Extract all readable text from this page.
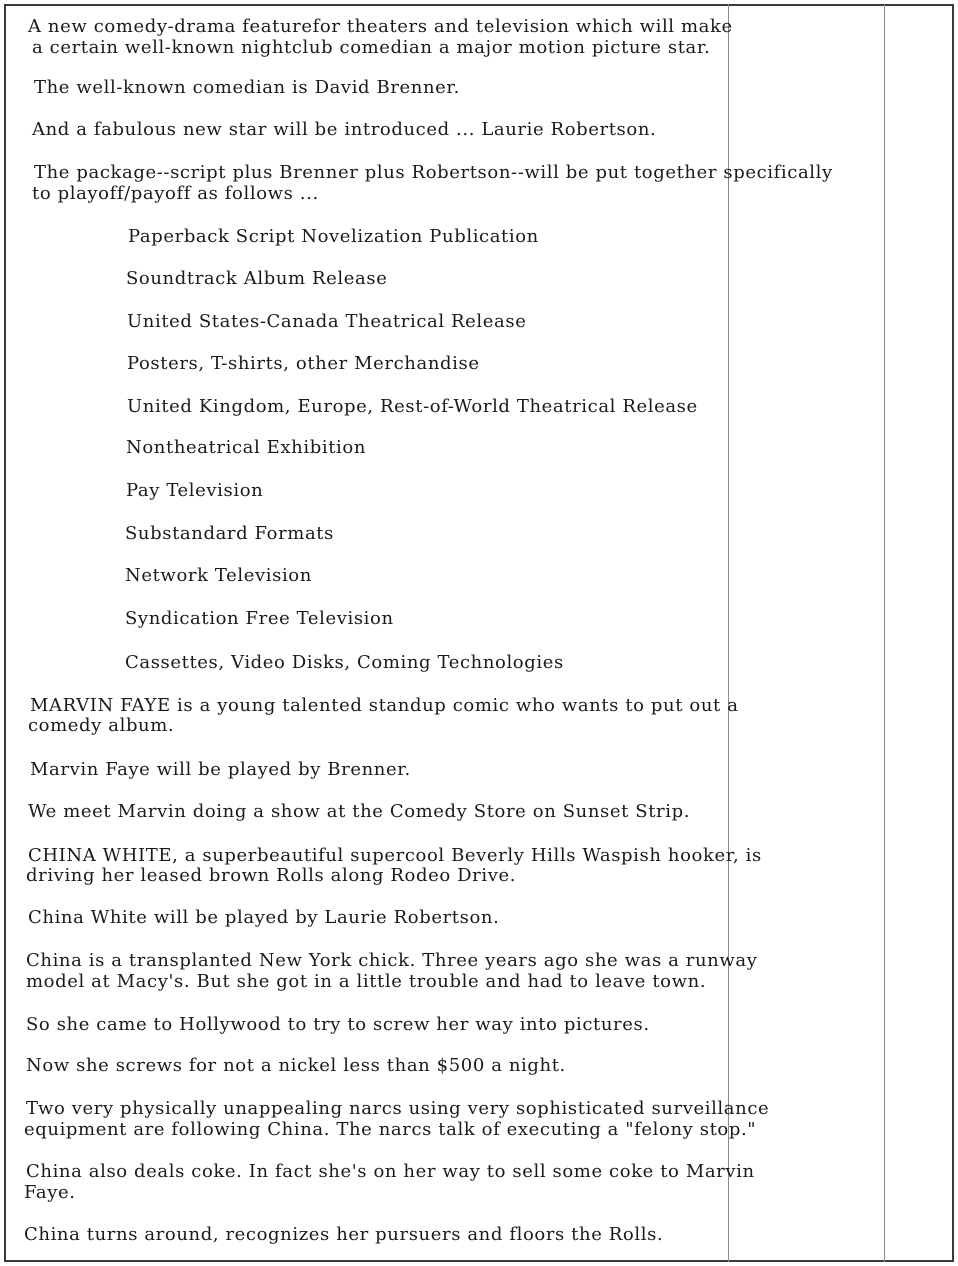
A new comedy-drama featurefor theaters and television which will make

a certain well-known nightclub comedian a major motion picture star.

The well-known comedian is David Brenner.

And a fabulous new star will be introduced ... Laurie Robertson.

The package--script plus Brenner plus Robertson--will be put together specifically

to playoff/payoff as follows ...

Paperback Script Novelization Publication

Soundtrack Album Release

United States-Canada Theatrical Release

Posters, T-shirts, other Merchandise

United Kingdom, Europe, Rest-of-World Theatrical Release

Nontheatrical Exhibition

Pay Television

Substandard Formats

Network Television

Syndication Free Television

Cassettes, Video Disks, Coming Technologies

MARVIN FAYE is a young talented standup comic who wants to put out a

comedy album.

Marvin Faye will be played by Brenner.

We meet Marvin doing a show at the Comedy Store on Sunset Strip.

CHINA WHITE, a superbeautiful supercool Beverly Hills Waspish hooker, is

driving her leased brown Rolls along Rodeo Drive.

China White will be played by Laurie Robertson.

China is a transplanted New York chick. Three years ago she was a runway

model at Macy's. But she got in a little trouble and had to leave town.

So she came to Hollywood to try to screw her way into pictures.

Now she screws for not a nickel less than $500 a night.

Two very physically unappealing narcs using very sophisticated surveillance

equipment are following China. The narcs talk of executing a "felony stop."

China also deals coke. In fact she's on her way to sell some coke to Marvin

Faye.

China turns around, recognizes her pursuers and floors the Rolls.
